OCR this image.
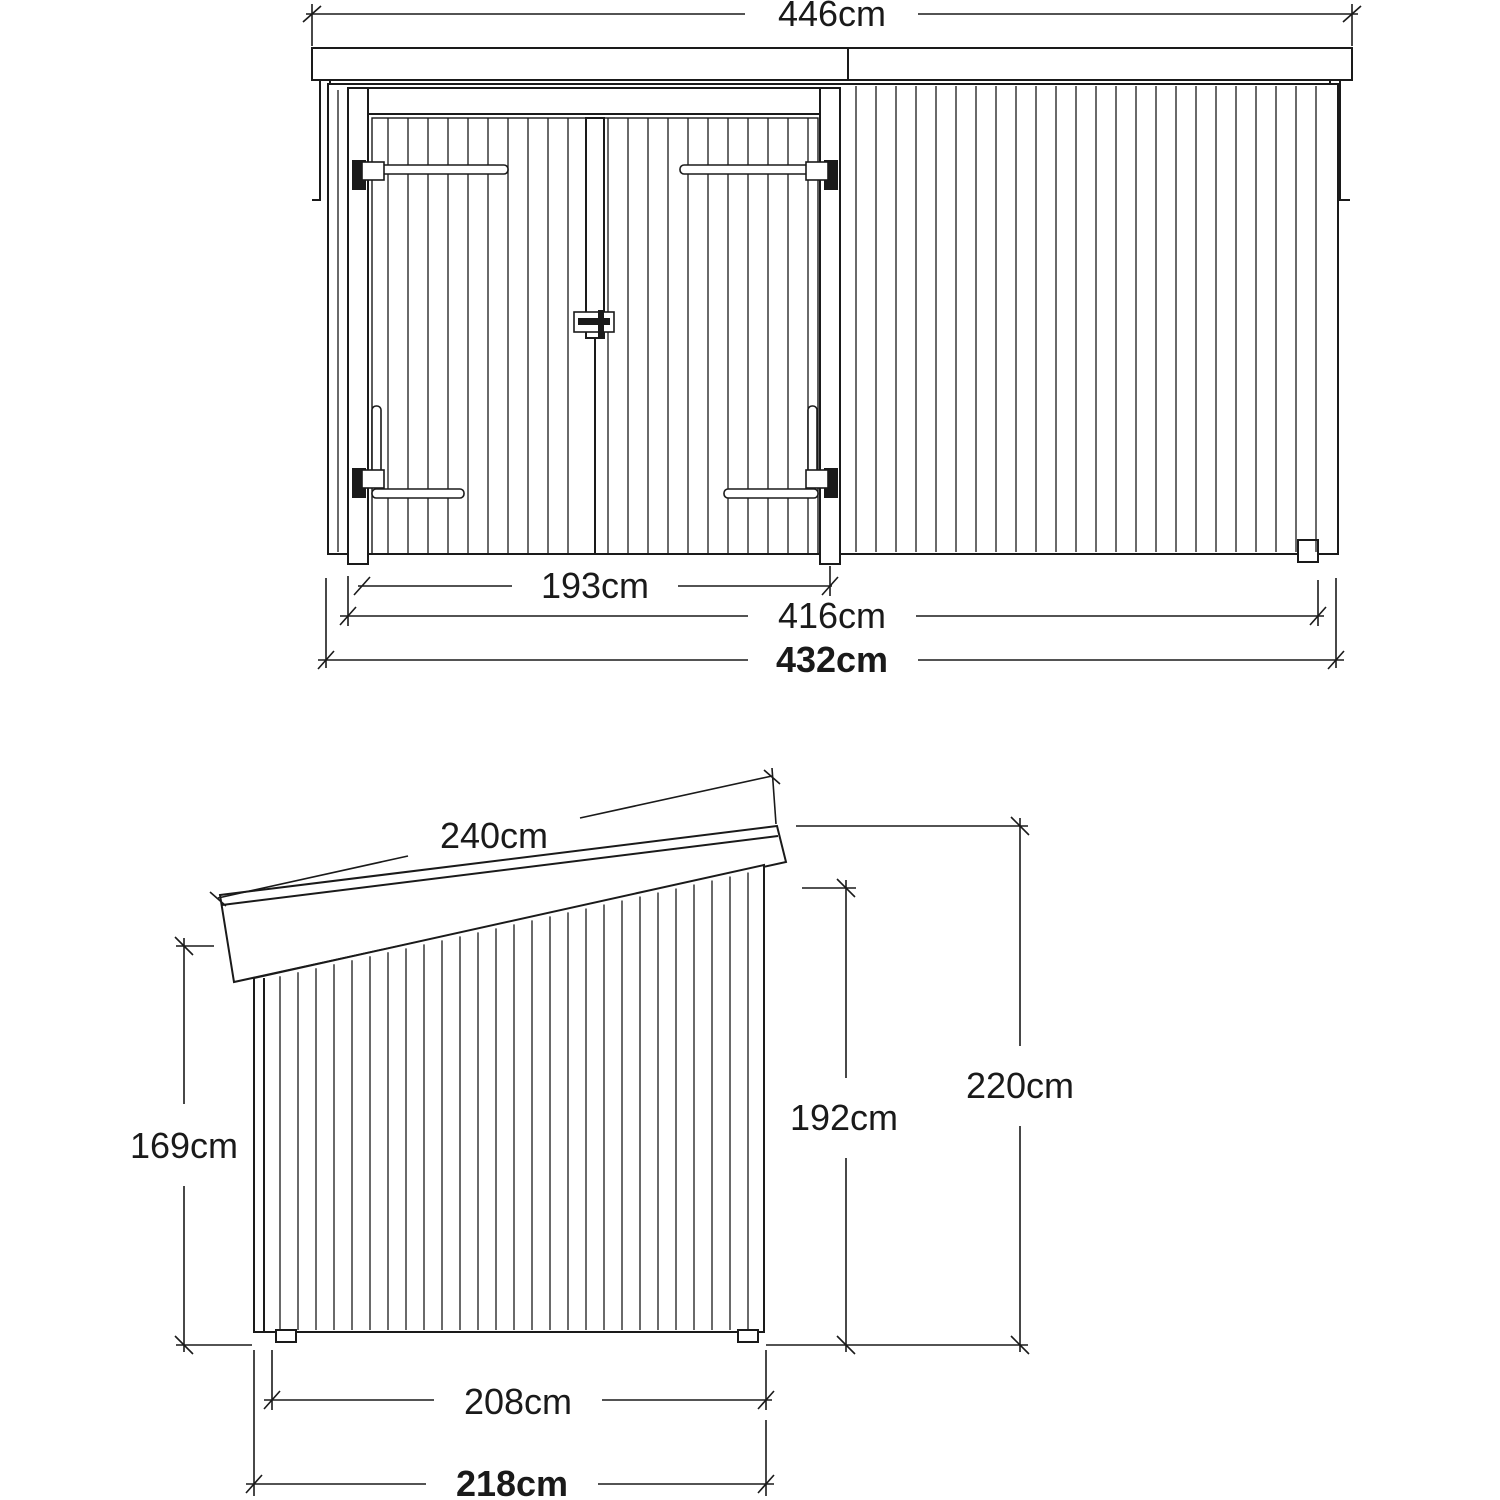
446cm
193cm
416cm
432cm
240cm
220cm
192cm
169cm
208cm
218cm
